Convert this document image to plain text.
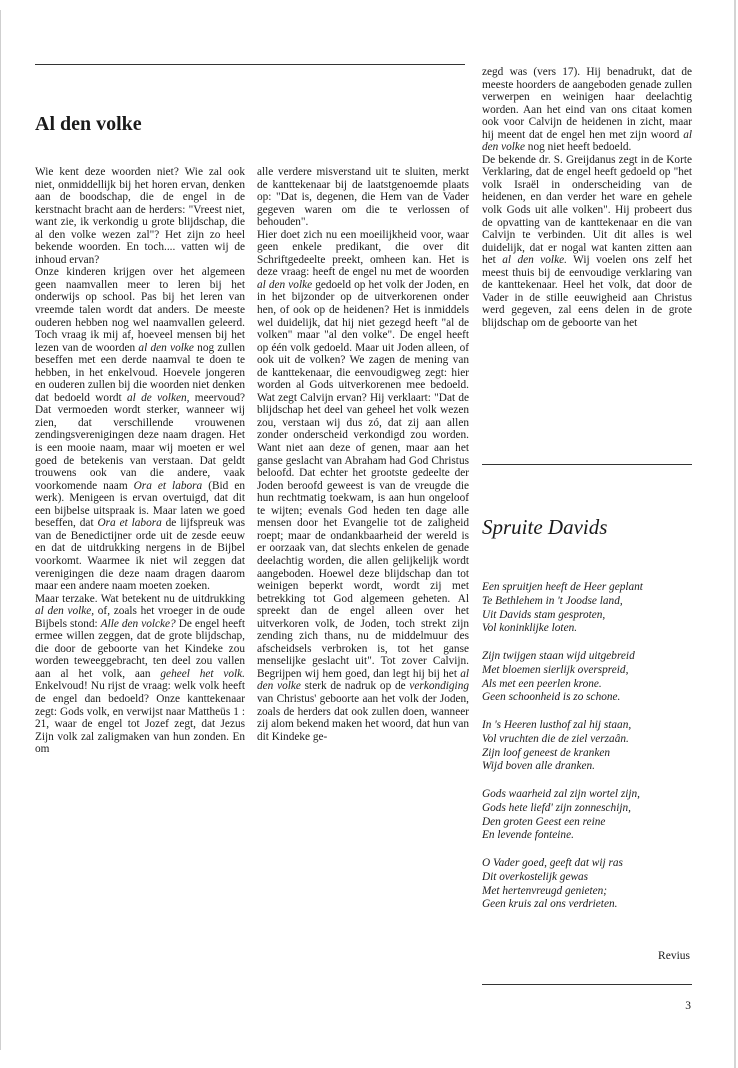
Al den volke

Wie kent deze woorden niet? Wie zal ook niet, onmiddellijk bij het horen ervan, denken aan de boodschap, die de engel in de kerstnacht bracht aan de herders: "Vreest niet, want zie, ik verkondig u grote blijdschap, die al den volke wezen zal"? Het zijn zo heel bekende woorden. En toch.... vatten wij de inhoud ervan?

Onze kinderen krijgen over het algemeen geen naamvallen meer to leren bij het onderwijs op school. Pas bij het leren van vreemde talen wordt dat anders. De meeste ouderen hebben nog wel naamvallen geleerd. Toch vraag ik mij af, hoeveel mensen bij het lezen van de woorden al den volke nog zullen beseffen met een derde naamval te doen te hebben, in het enkelvoud. Hoevele jongeren en ouderen zullen bij die woorden niet denken dat bedoeld wordt al de volken, meervoud? Dat vermoeden wordt sterker, wanneer wij zien, dat verschillende vrouwenen zendingsverenigingen deze naam dragen. Het is een mooie naam, maar wij moeten er wel goed de betekenis van verstaan. Dat geldt trouwens ook van die andere, vaak voorkomende naam Ora et labora (Bid en werk). Menigeen is ervan overtuigd, dat dit een bijbelse uitspraak is. Maar laten we goed beseffen, dat Ora et labora de lijfspreuk was van de Benedictijner orde uit de zesde eeuw en dat de uitdrukking nergens in de Bijbel voorkomt. Waarmee ik niet wil zeggen dat verenigingen die deze naam dragen daarom maar een andere naam moeten zoeken.

Maar terzake. Wat betekent nu de uitdrukking al den volke, of, zoals het vroeger in de oude Bijbels stond: Alle den volcke? De engel heeft ermee willen zeggen, dat de grote blijdschap, die door de geboorte van het Kindeke zou worden teweeggebracht, ten deel zou vallen aan al het volk, aan geheel het volk. Enkelvoud! Nu rijst de vraag: welk volk heeft de engel dan bedoeld? Onze kanttekenaar zegt: Gods volk, en verwijst naar Mattheüs 1 : 21, waar de engel tot Jozef zegt, dat Jezus Zijn volk zal zaligmaken van hun zonden. En om

alle verdere misverstand uit te sluiten, merkt de kanttekenaar bij de laatstgenoemde plaats op: "Dat is, degenen, die Hem van de Vader gegeven waren om die te verlossen of behouden".

Hier doet zich nu een moeilijkheid voor, waar geen enkele predikant, die over dit Schriftgedeelte preekt, omheen kan. Het is deze vraag: heeft de engel nu met de woorden al den volke gedoeld op het volk der Joden, en in het bijzonder op de uitverkorenen onder hen, of ook op de heidenen? Het is inmiddels wel duidelijk, dat hij niet gezegd heeft "al de volken" maar "al den volke". De engel heeft op één volk gedoeld. Maar uit Joden alleen, of ook uit de volken? We zagen de mening van de kanttekenaar, die eenvoudigweg zegt: hier worden al Gods uitverkorenen mee bedoeld. Wat zegt Calvijn ervan? Hij verklaart: "Dat de blijdschap het deel van geheel het volk wezen zou, verstaan wij dus zó, dat zij aan allen zonder onderscheid verkondigd zou worden. Want niet aan deze of genen, maar aan het ganse geslacht van Abraham had God Christus beloofd. Dat echter het grootste gedeelte der Joden beroofd geweest is van de vreugde die hun rechtmatig toekwam, is aan hun ongeloof te wijten; evenals God heden ten dage alle mensen door het Evangelie tot de zaligheid roept; maar de ondankbaarheid der wereld is er oorzaak van, dat slechts enkelen de genade deelachtig worden, die allen gelijkelijk wordt aangeboden. Hoewel deze blijdschap dan tot weinigen beperkt wordt, wordt zij met betrekking tot God algemeen geheten. Al spreekt dan de engel alleen over het uitverkoren volk, de Joden, toch strekt zijn zending zich thans, nu de middelmuur des afscheidsels verbroken is, tot het ganse menselijke geslacht uit". Tot zover Calvijn. Begrijpen wij hem goed, dan legt hij bij het al den volke sterk de nadruk op de verkondiging van Christus' geboorte aan het volk der Joden, zoals de herders dat ook zullen doen, wanneer zij alom bekend maken het woord, dat hun van dit Kindeke ge-

zegd was (vers 17). Hij benadrukt, dat de meeste hoorders de aangeboden genade zullen verwerpen en weinigen haar deelachtig worden. Aan het eind van ons citaat komen ook voor Calvijn de heidenen in zicht, maar hij meent dat de engel hen met zijn woord al den volke nog niet heeft bedoeld.

De bekende dr. S. Greijdanus zegt in de Korte Verklaring, dat de engel heeft gedoeld op "het volk Israël in onderscheiding van de heidenen, en dan verder het ware en gehele volk Gods uit alle volken". Hij probeert dus de opvatting van de kanttekenaar en die van Calvijn te verbinden. Uit dit alles is wel duidelijk, dat er nogal wat kanten zitten aan het al den volke. Wij voelen ons zelf het meest thuis bij de eenvoudige verklaring van de kanttekenaar. Heel het volk, dat door de Vader in de stille eeuwigheid aan Christus werd gegeven, zal eens delen in de grote blijdschap om de geboorte van het

Spruite Davids
Een spruitjen heeft de Heer geplant
Te Bethlehem in 't Joodse land,
Uit Davids stam gesproten,
Vol koninklijke loten.
Zijn twijgen staan wijd uitgebreid
Met bloemen sierlijk overspreid,
Als met een peerlen krone.
Geen schoonheid is zo schone.
In 's Heeren lusthof zal hij staan,
Vol vruchten die de ziel verzaân.
Zijn loof geneest de kranken
Wijd boven alle dranken.
Gods waarheid zal zijn wortel zijn,
Gods hete liefd' zijn zonneschijn,
Den groten Geest een reine
En levende fonteine.
O Vader goed, geeft dat wij ras
Dit overkostelijk gewas
Met hertenvreugd genieten;
Geen kruis zal ons verdrieten.
Revius
3
